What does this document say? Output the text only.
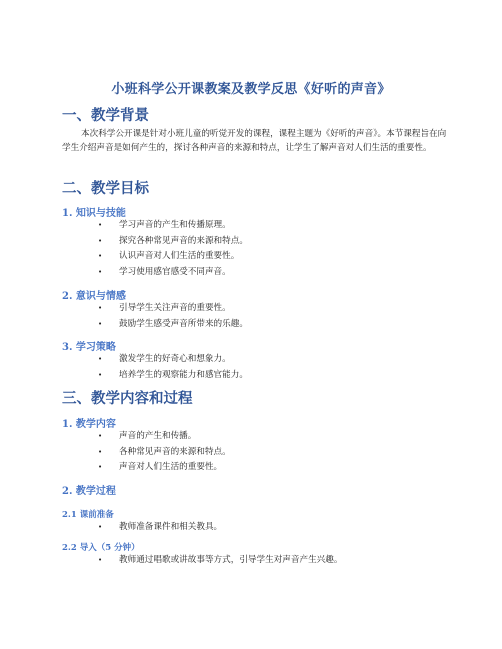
小班科学公开课教案及教学反思《好听的声音》
一、教学背景
本次科学公开课是针对小班儿童的听觉开发的课程，课程主题为《好听的声音》。本节课程旨在向学生介绍声音是如何产生的，探讨各种声音的来源和特点，让学生了解声音对人们生活的重要性。
二、教学目标
1. 知识与技能
• 学习声音的产生和传播原理。
• 探究各种常见声音的来源和特点。
• 认识声音对人们生活的重要性。
• 学习使用感官感受不同声音。
2. 意识与情感
• 引导学生关注声音的重要性。
• 鼓励学生感受声音所带来的乐趣。
3. 学习策略
• 激发学生的好奇心和想象力。
• 培养学生的观察能力和感官能力。
三、教学内容和过程
1. 教学内容
• 声音的产生和传播。
• 各种常见声音的来源和特点。
• 声音对人们生活的重要性。
2. 教学过程
2.1 课前准备
• 教师准备课件和相关教具。
2.2 导入（5 分钟）
• 教师通过唱歌或讲故事等方式，引导学生对声音产生兴趣。
